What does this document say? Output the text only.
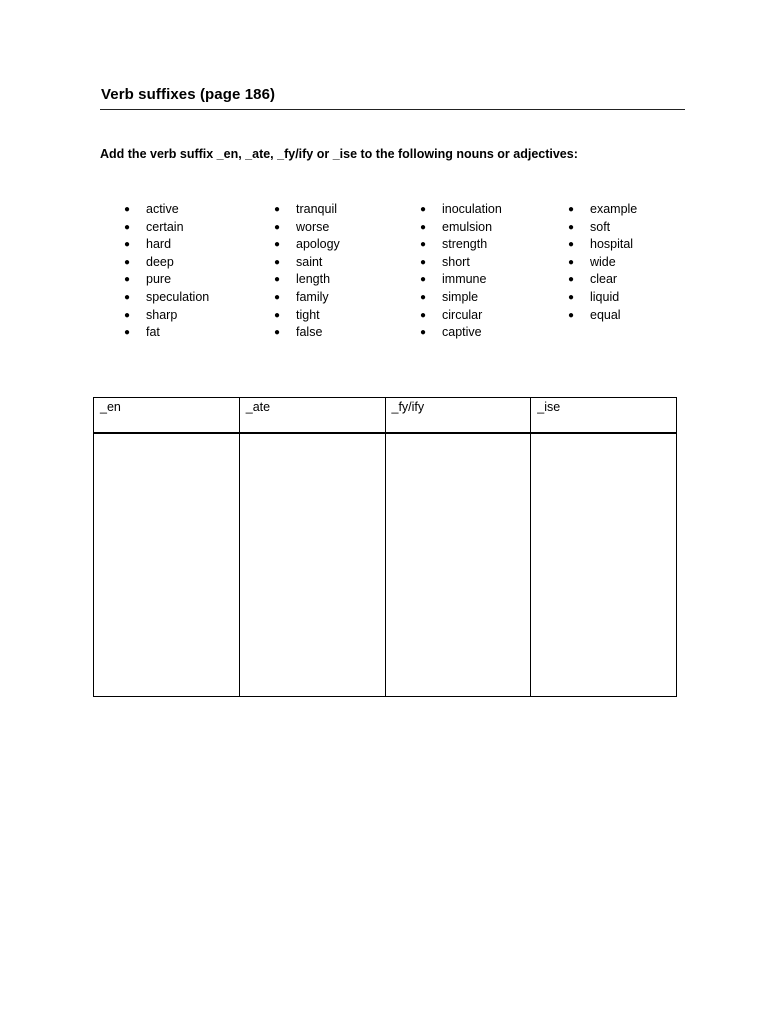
Verb suffixes (page 186)
Add the verb suffix _en, _ate, _fy/ify or _ise to the following nouns or adjectives:
● active
● certain
● hard
● deep
● pure
● speculation
● sharp
● fat
● tranquil
● worse
● apology
● saint
● length
● family
● tight
● false
● inoculation
● emulsion
● strength
● short
● immune
● simple
● circular
● captive
● example
● soft
● hospital
● wide
● clear
● liquid
● equal
_en	_ate	_fy/ify	_ise
